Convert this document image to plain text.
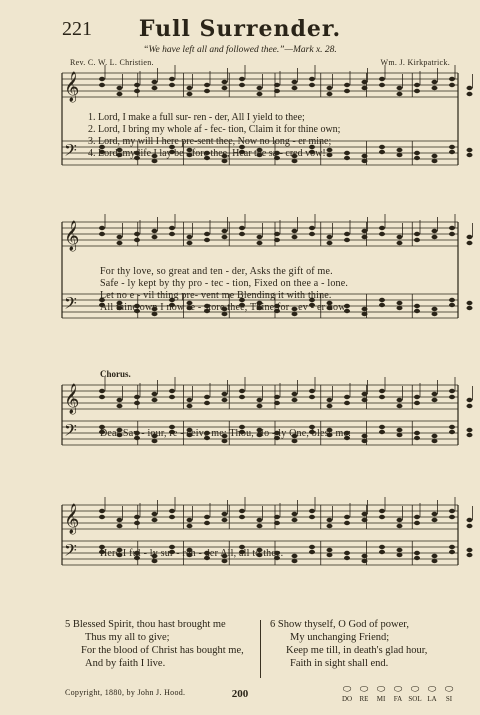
221	Full Surrender.
“We have left all and followed thee.”—Mark x. 28.
Rev. C. W. L. Christien.	Wm. J. Kirkpatrick.
𝄞
𝄢
𝄞
𝄢
𝄞
𝄢
𝄞
𝄢
1. Lord, I make a full sur- ren - der, All I yield to thee;
2. Lord, I bring my whole af - fec- tion, Claim it for thine own;
3. Lord, my will I here pre-sent thee, Now no long - er mine;
4. Lord, my life I lay be - fore thee, Hear the sa - cred vow!
For thy love, so great and ten - der, Asks the gift of me.
Safe - ly kept by thy pro - tec - tion, Fixed on thee a - lone.
Let no e - vil thing pre- vent me Blending it with thine.
All thine own I now re - store thee, Thine for - ev - er now.
Chorus.
Dear Sav - iour, re - ceive me; Thou, Ho - ly One, bless me:
Here I ful - ly sur - ren - der All, all to thee.
5 Blessed Spirit, thou hast brought me
Thus my all to give;
For the blood of Christ has bought me,
And by faith I live.
6 Show thyself, O God of power,
My unchanging Friend;
Keep me till, in death's glad hour,
Faith in sight shall end.
Copyright, 1880, by John J. Hood.	200	⬭ ⬭ ⬭ ⬭ ⬭ ⬭ ⬭
DO	RE	MI	FA SOL LA	SI
